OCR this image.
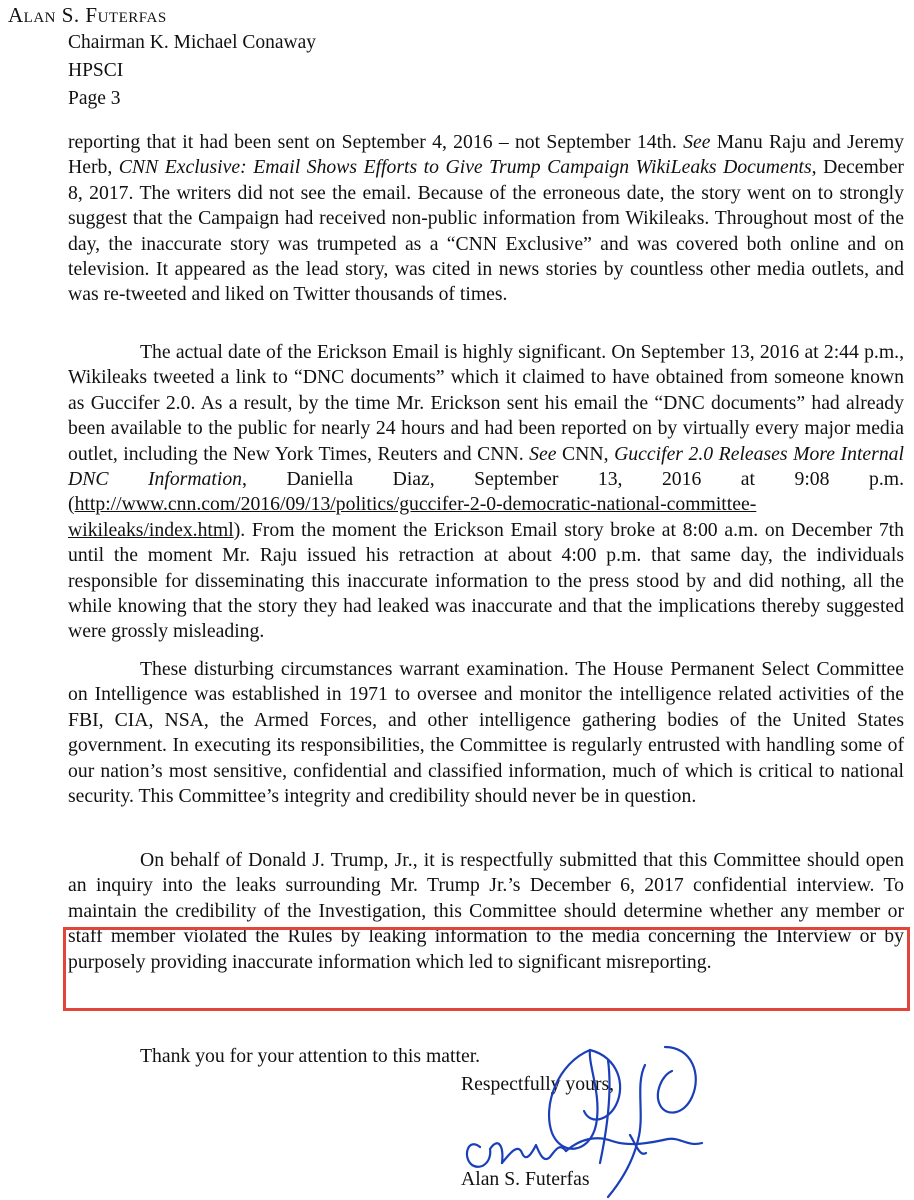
Alan S. Futerfas
Chairman K. Michael Conaway
HPSCI
Page 3

reporting that it had been sent on September 4, 2016 – not September 14th. See Manu Raju and Jeremy Herb, CNN Exclusive: Email Shows Efforts to Give Trump Campaign WikiLeaks Documents, December 8, 2017. The writers did not see the email. Because of the erroneous date, the story went on to strongly suggest that the Campaign had received non-public information from Wikileaks. Throughout most of the day, the inaccurate story was trumpeted as a “CNN Exclusive” and was covered both online and on television. It appeared as the lead story, was cited in news stories by countless other media outlets, and was re-tweeted and liked on Twitter thousands of times.

The actual date of the Erickson Email is highly significant. On September 13, 2016 at 2:44 p.m., Wikileaks tweeted a link to “DNC documents” which it claimed to have obtained from someone known as Guccifer 2.0. As a result, by the time Mr. Erickson sent his email the “DNC documents” had already been available to the public for nearly 24 hours and had been reported on by virtually every major media outlet, including the New York Times, Reuters and CNN. See CNN, Guccifer 2.0 Releases More Internal DNC Information, Daniella Diaz, September 13, 2016 at 9:08 p.m. (http://www.cnn.com/2016/09/13/politics/guccifer-2-0-democratic-national-committee-wikileaks/index.html). From the moment the Erickson Email story broke at 8:00 a.m. on December 7th until the moment Mr. Raju issued his retraction at about 4:00 p.m. that same day, the individuals responsible for disseminating this inaccurate information to the press stood by and did nothing, all the while knowing that the story they had leaked was inaccurate and that the implications thereby suggested were grossly misleading.

These disturbing circumstances warrant examination. The House Permanent Select Committee on Intelligence was established in 1971 to oversee and monitor the intelligence related activities of the FBI, CIA, NSA, the Armed Forces, and other intelligence gathering bodies of the United States government. In executing its responsibilities, the Committee is regularly entrusted with handling some of our nation’s most sensitive, confidential and classified information, much of which is critical to national security. This Committee’s integrity and credibility should never be in question.

On behalf of Donald J. Trump, Jr., it is respectfully submitted that this Committee should open an inquiry into the leaks surrounding Mr. Trump Jr.’s December 6, 2017 confidential interview. To maintain the credibility of the Investigation, this Committee should determine whether any member or staff member violated the Rules by leaking information to the media concerning the Interview or by purposely providing inaccurate information which led to significant misreporting.

Thank you for your attention to this matter.
Respectfully yours,
Alan S. Futerfas
